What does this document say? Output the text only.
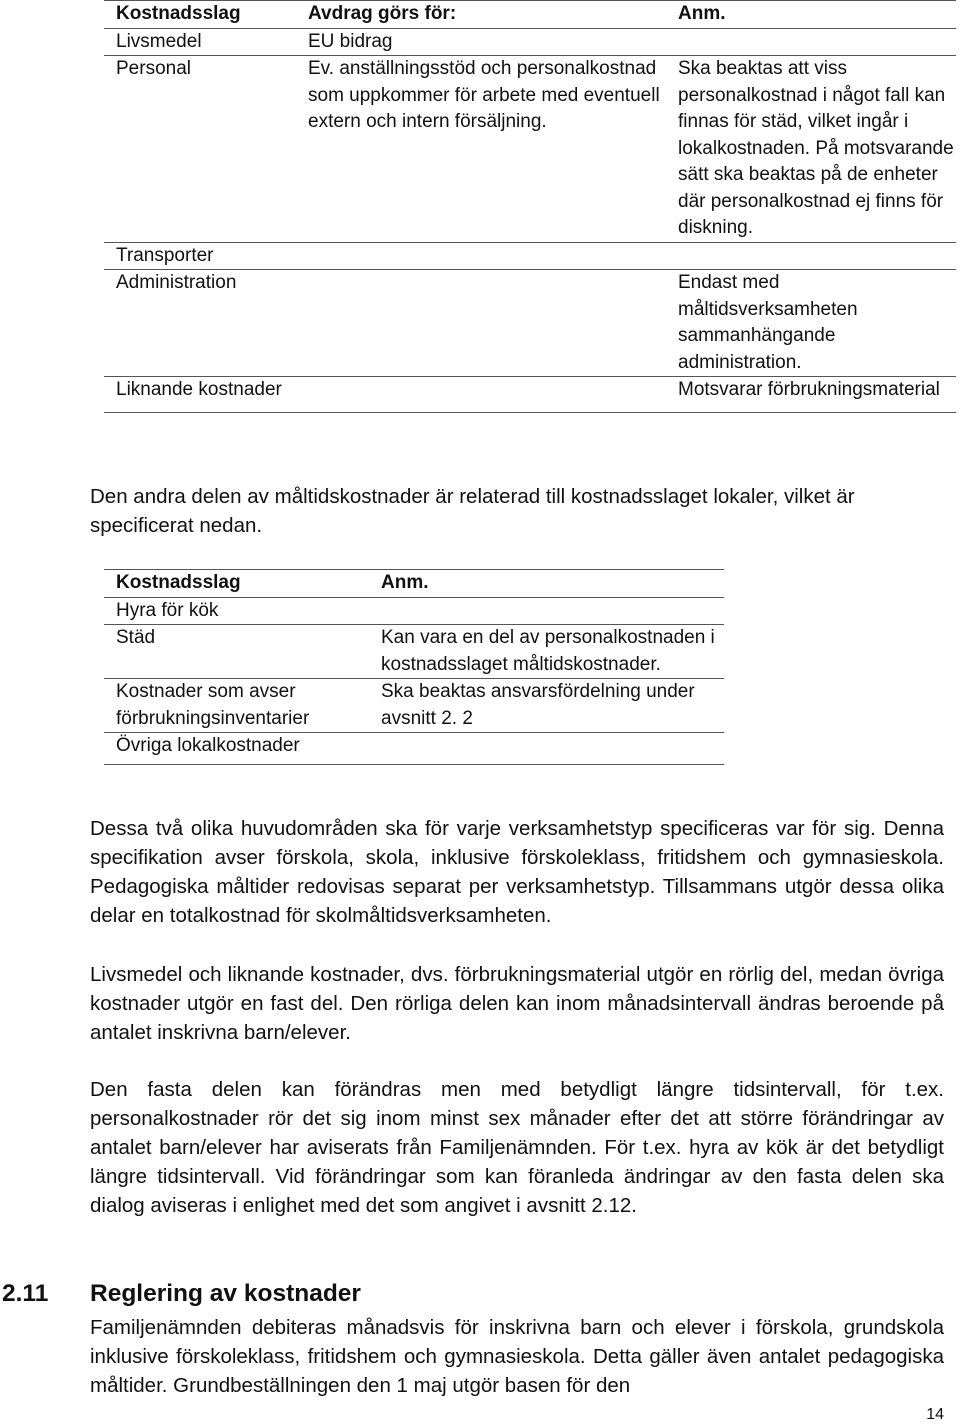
Kostnadsslag	Avdrag görs för:	Anm.
Livsmedel	EU bidrag	
Personal	Ev. anställningsstöd och personalkostnad som uppkommer för arbete med eventuell extern och intern försäljning.	Ska beaktas att viss personalkostnad i något fall kan finnas för städ, vilket ingår i lokalkostnaden. På motsvarande sätt ska beaktas på de enheter där personalkostnad ej finns för diskning.
Transporter		
Administration		Endast med måltidsverksamheten sammanhängande administration.
Liknande kostnader		Motsvarar förbrukningsmaterial

Den andra delen av måltidskostnader är relaterad till kostnadsslaget lokaler, vilket är specificerat nedan.

Kostnadsslag	Anm.
Hyra för kök	
Städ	Kan vara en del av personalkostnaden i kostnadsslaget måltidskostnader.
Kostnader som avser förbrukningsinventarier	Ska beaktas ansvarsfördelning under avsnitt 2. 2
Övriga lokalkostnader	

Dessa två olika huvudområden ska för varje verksamhetstyp specificeras var för sig. Denna specifikation avser förskola, skola, inklusive förskoleklass, fritidshem och gymnasieskola. Pedagogiska måltider redovisas separat per verksamhetstyp. Tillsammans utgör dessa olika delar en totalkostnad för skolmåltidsverksamheten.

Livsmedel och liknande kostnader, dvs. förbrukningsmaterial utgör en rörlig del, medan övriga kostnader utgör en fast del. Den rörliga delen kan inom månadsintervall ändras beroende på antalet inskrivna barn/elever.

Den fasta delen kan förändras men med betydligt längre tidsintervall, för t.ex. personalkostnader rör det sig inom minst sex månader efter det att större förändringar av antalet barn/elever har aviserats från Familjenämnden. För t.ex. hyra av kök är det betydligt längre tidsintervall. Vid förändringar som kan föranleda ändringar av den fasta delen ska dialog aviseras i enlighet med det som angivet i avsnitt 2.12.

2.11 Reglering av kostnader

Familjenämnden debiteras månadsvis för inskrivna barn och elever i förskola, grundskola inklusive förskoleklass, fritidshem och gymnasieskola. Detta gäller även antalet pedagogiska måltider. Grundbeställningen den 1 maj utgör basen för den

14
